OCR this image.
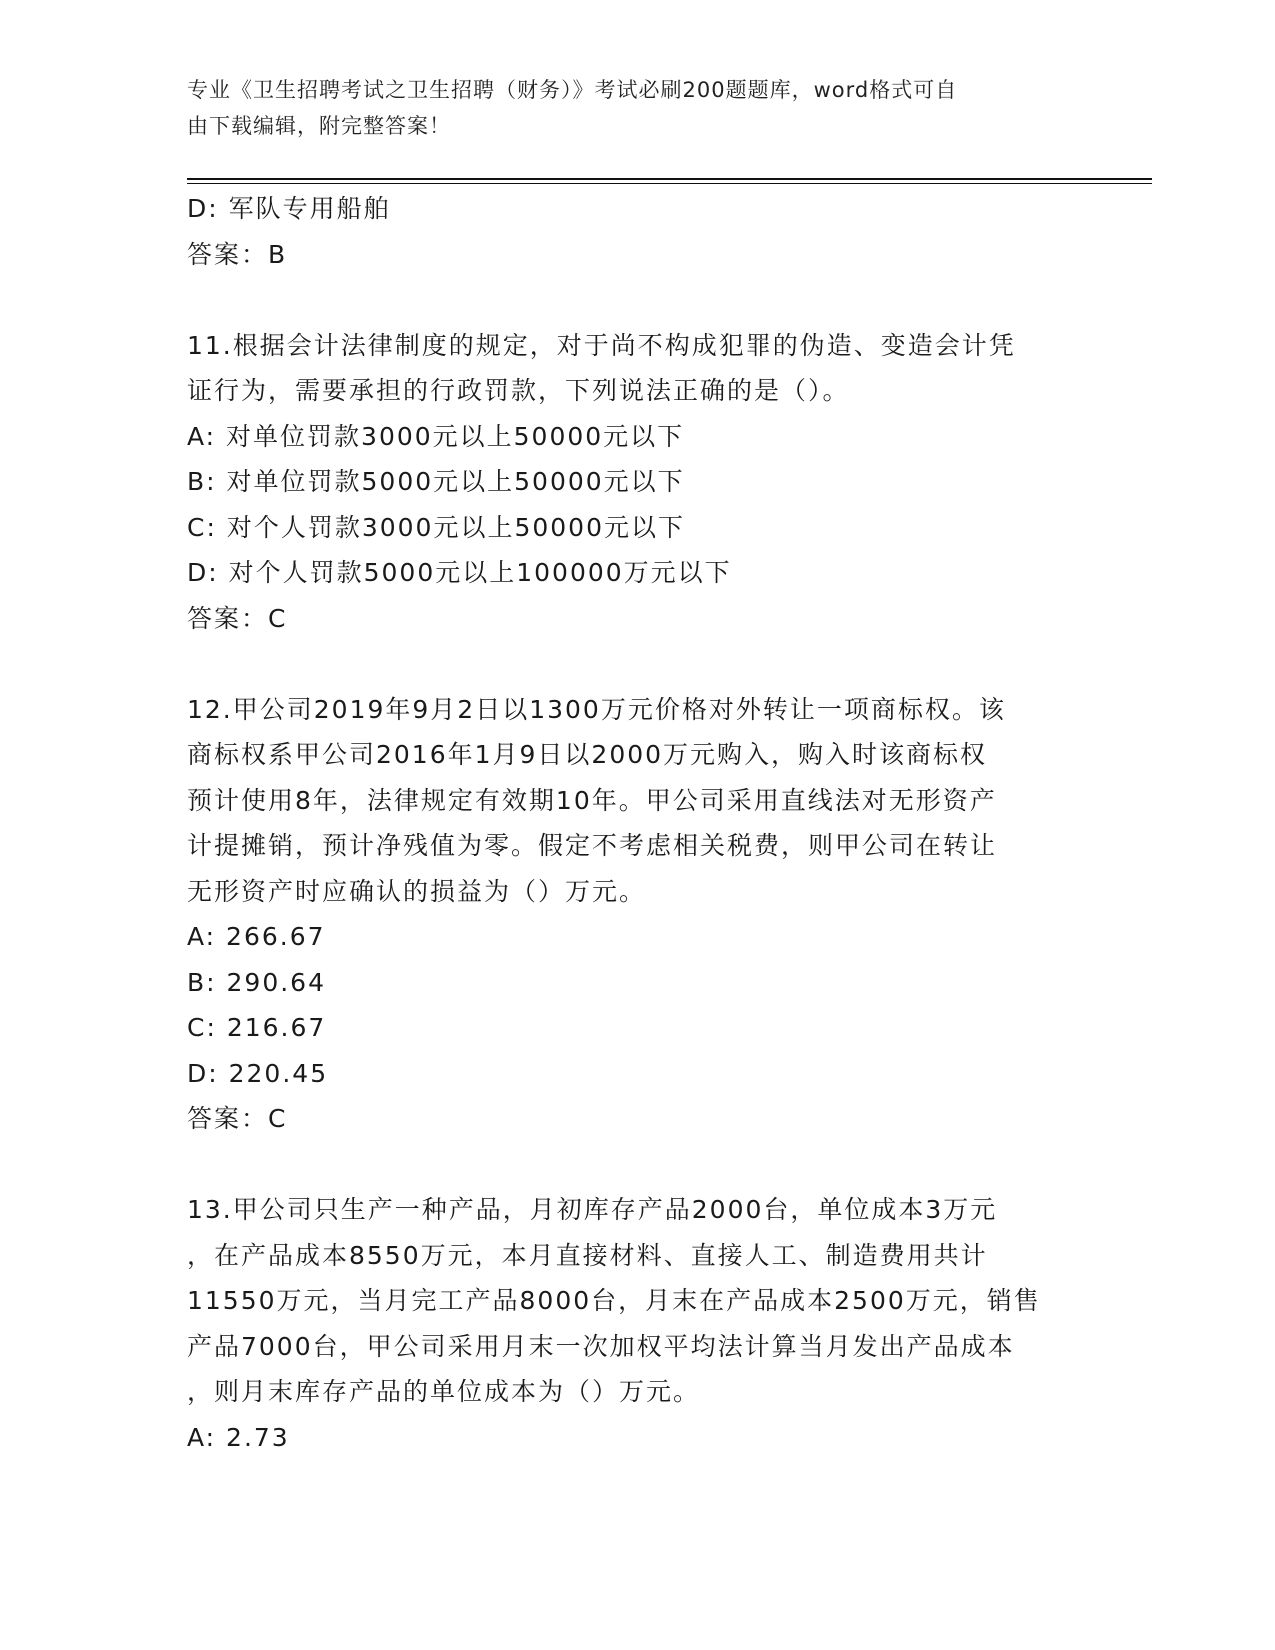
专业《卫生招聘考试之卫生招聘（财务）》考试必刷200题题库，word格式可自
由下载编辑，附完整答案！
D: 军队专用船舶
答案：B
11.根据会计法律制度的规定，对于尚不构成犯罪的伪造、变造会计凭
证行为，需要承担的行政罚款，下列说法正确的是（）。
A: 对单位罚款3000元以上50000元以下
B: 对单位罚款5000元以上50000元以下
C: 对个人罚款3000元以上50000元以下
D: 对个人罚款5000元以上100000万元以下
答案：C
12.甲公司2019年9月2日以1300万元价格对外转让一项商标权。该
商标权系甲公司2016年1月9日以2000万元购入，购入时该商标权
预计使用8年，法律规定有效期10年。甲公司采用直线法对无形资产
计提摊销，预计净残值为零。假定不考虑相关税费，则甲公司在转让
无形资产时应确认的损益为（）万元。
A: 266.67
B: 290.64
C: 216.67
D: 220.45
答案：C
13.甲公司只生产一种产品，月初库存产品2000台，单位成本3万元
，在产品成本8550万元，本月直接材料、直接人工、制造费用共计
11550万元，当月完工产品8000台，月末在产品成本2500万元，销售
产品7000台，甲公司采用月末一次加权平均法计算当月发出产品成本
，则月末库存产品的单位成本为（）万元。
A: 2.73
